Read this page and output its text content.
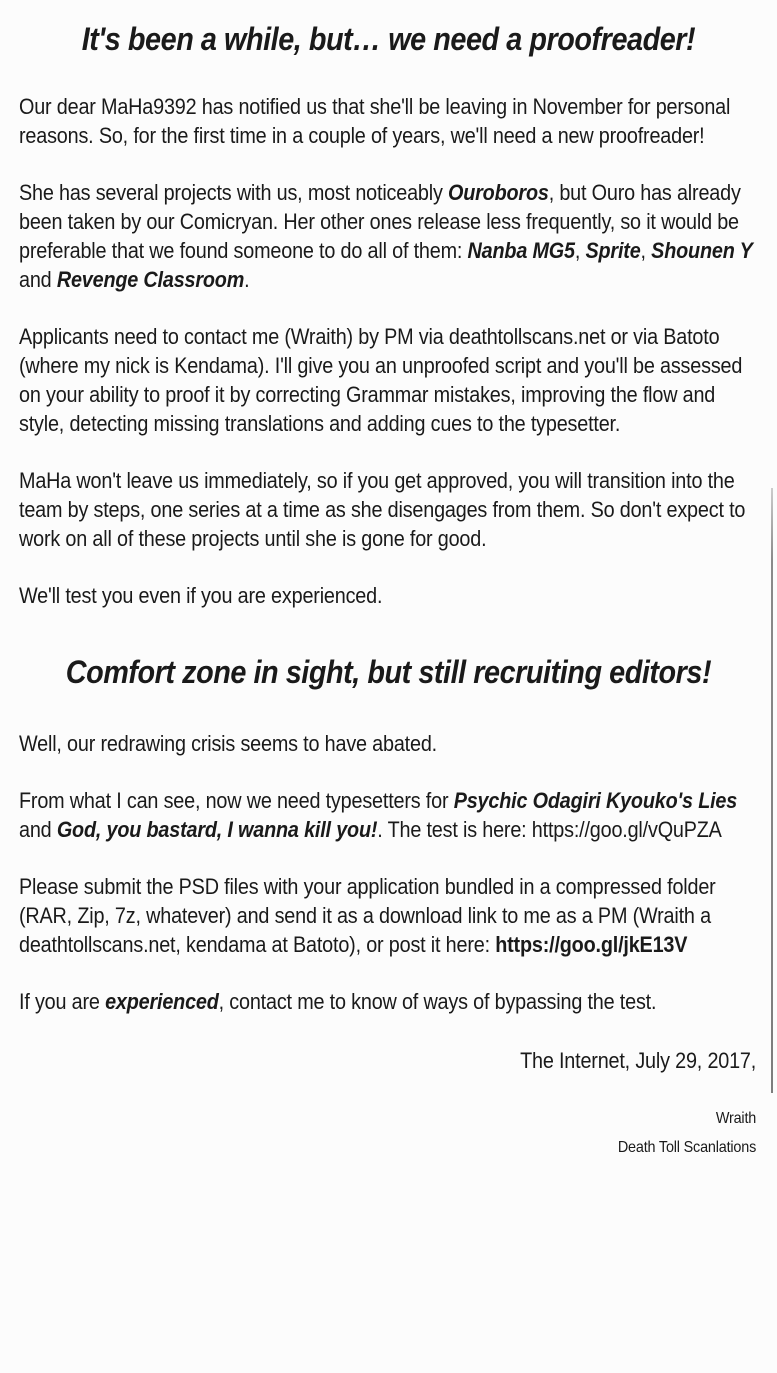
It's been a while, but… we need a proofreader!

Our dear MaHa9392 has notified us that she'll be leaving in November for personal reasons. So, for the first time in a couple of years, we'll need a new proofreader!

She has several projects with us, most noticeably Ouroboros, but Ouro has already been taken by our Comicryan. Her other ones release less frequently, so it would be preferable that we found someone to do all of them: Nanba MG5, Sprite, Shounen Y and Revenge Classroom.

Applicants need to contact me (Wraith) by PM via deathtollscans.net or via Batoto (where my nick is Kendama). I'll give you an unproofed script and you'll be assessed on your ability to proof it by correcting Grammar mistakes, improving the flow and style, detecting missing translations and adding cues to the typesetter.

MaHa won't leave us immediately, so if you get approved, you will transition into the team by steps, one series at a time as she disengages from them. So don't expect to work on all of these projects until she is gone for good.

We'll test you even if you are experienced.

Comfort zone in sight, but still recruiting editors!

Well, our redrawing crisis seems to have abated.

From what I can see, now we need typesetters for Psychic Odagiri Kyouko's Lies and God, you bastard, I wanna kill you!. The test is here: https://goo.gl/vQuPZA

Please submit the PSD files with your application bundled in a compressed folder (RAR, Zip, 7z, whatever) and send it as a download link to me as a PM (Wraith a deathtollscans.net, kendama at Batoto), or post it here: https://goo.gl/jkE13V

If you are experienced, contact me to know of ways of bypassing the test.

The Internet, July 29, 2017,

Wraith
Death Toll Scanlations
